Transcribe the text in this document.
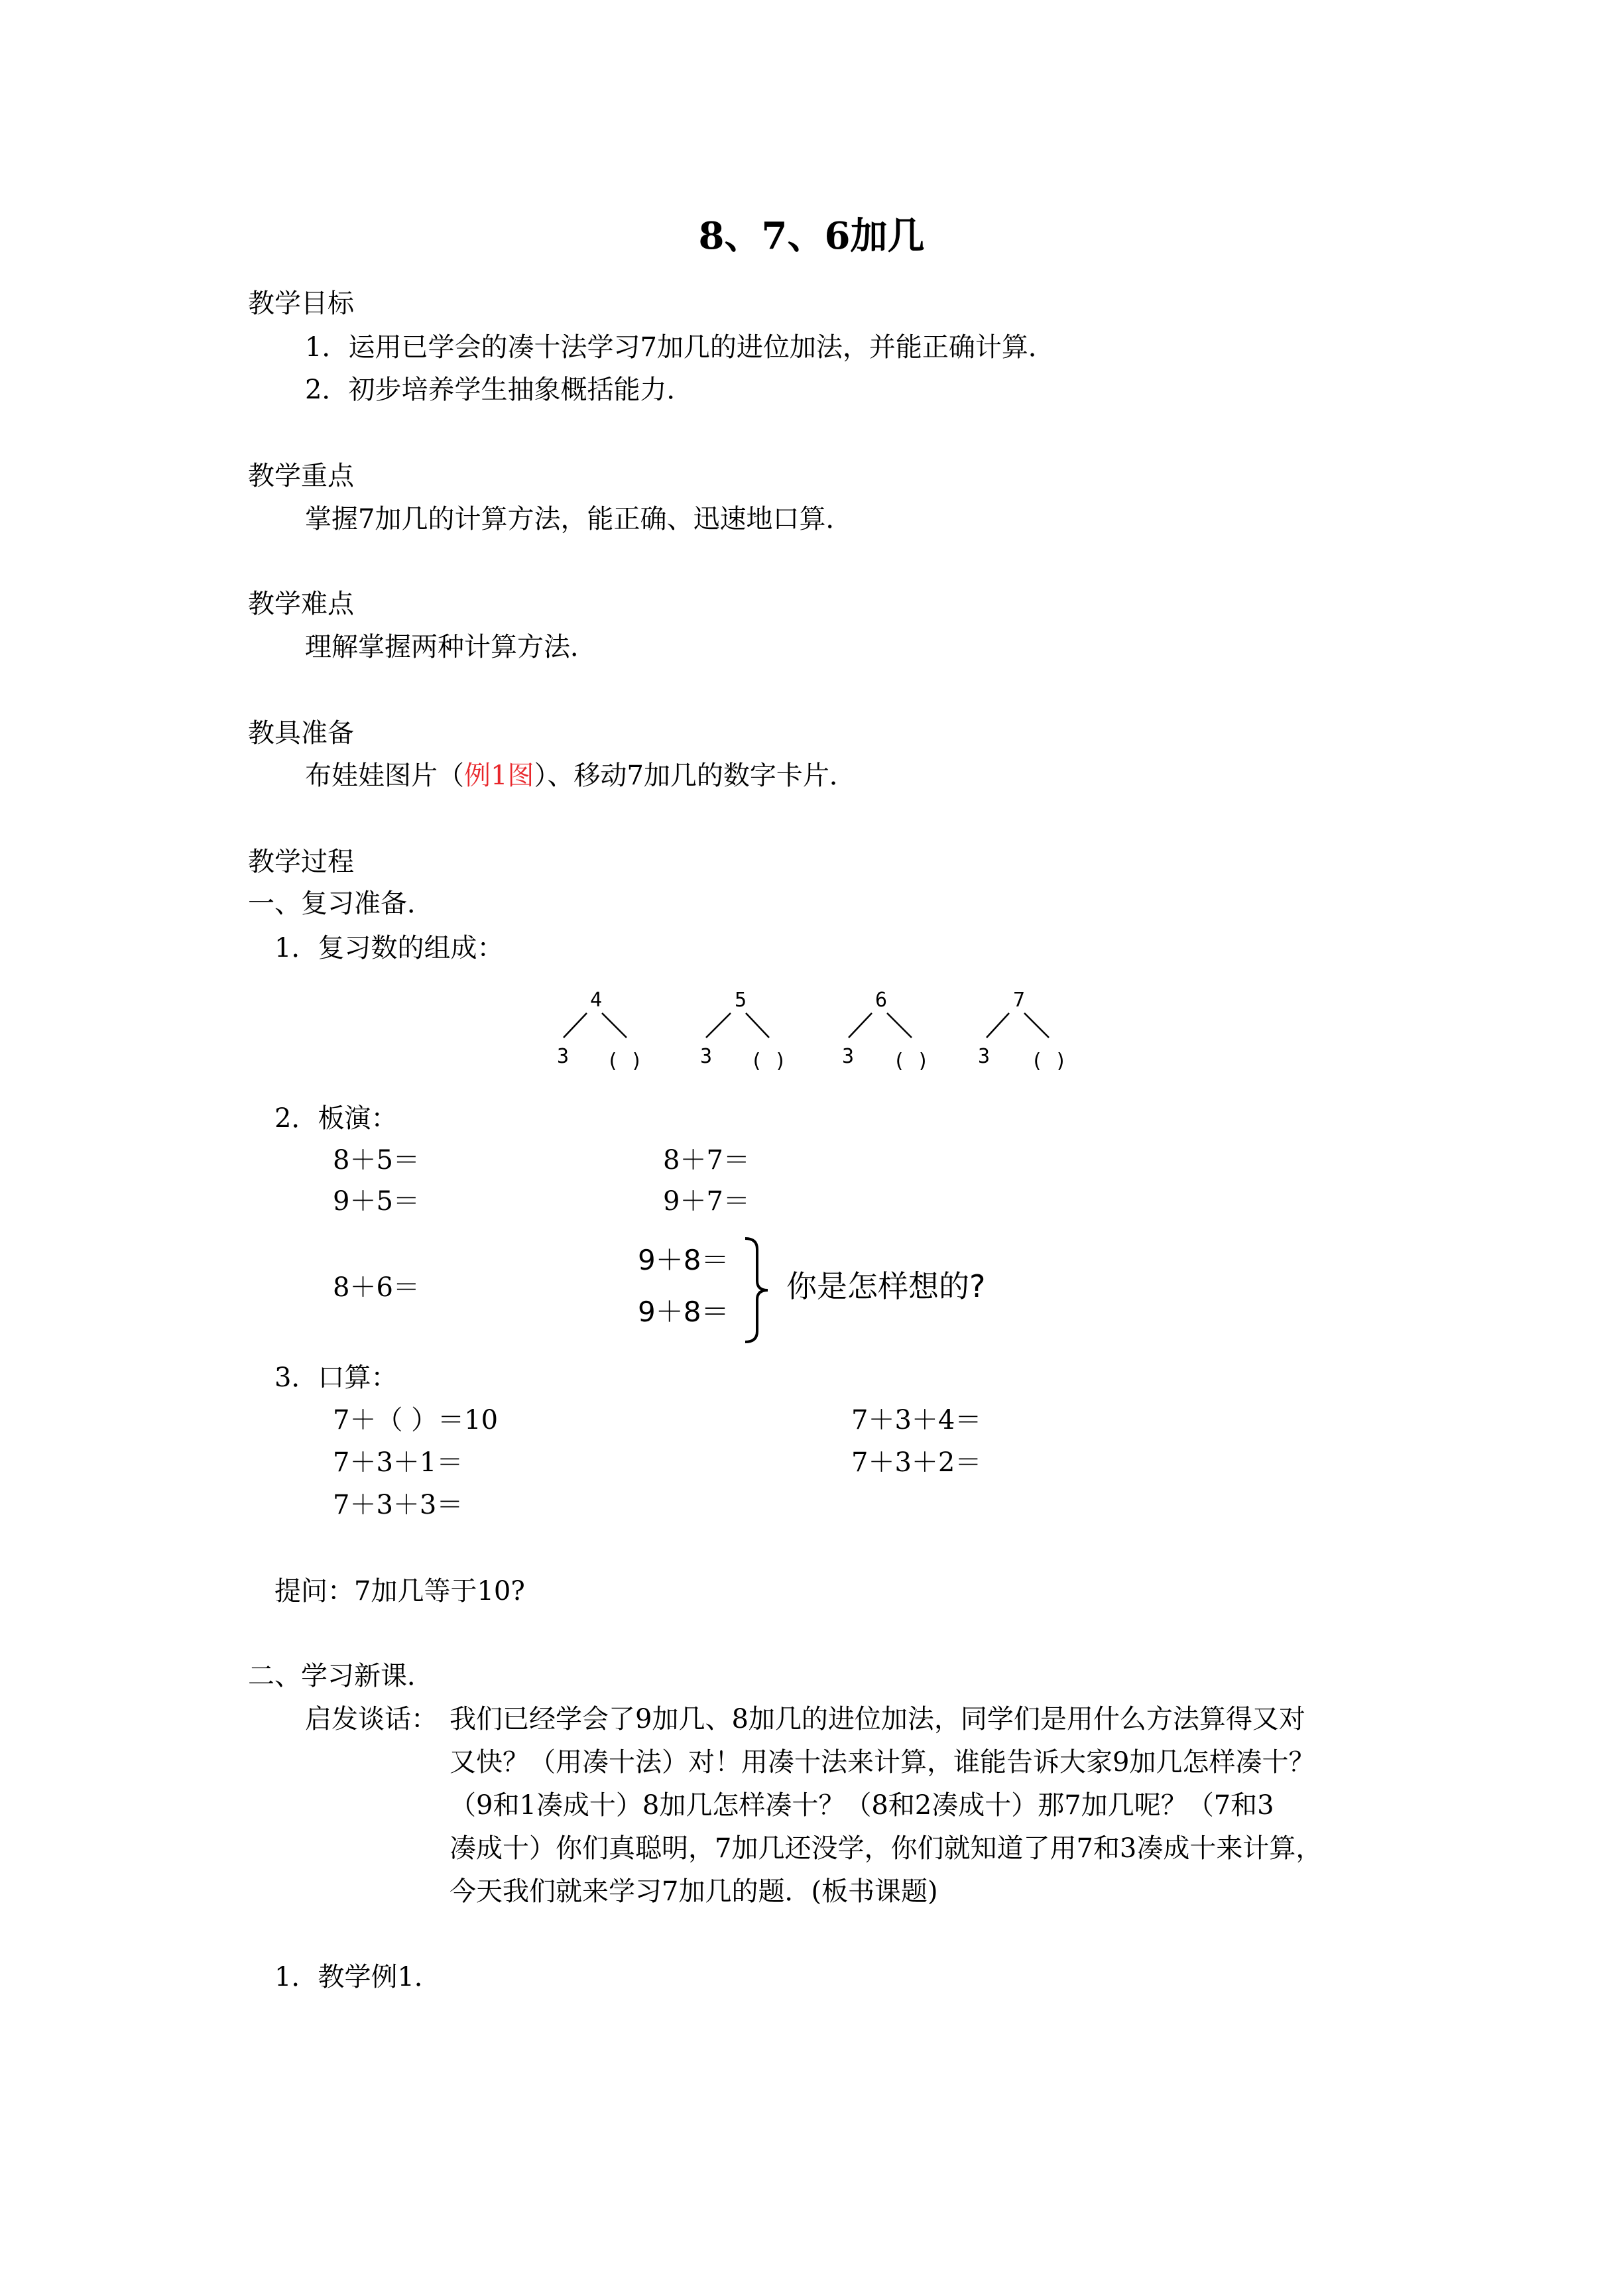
8、7、6加几
教学目标
1．运用已学会的凑十法学习7加几的进位加法，并能正确计算．
2．初步培养学生抽象概括能力．
教学重点
掌握7加几的计算方法，能正确、迅速地口算．
教学难点
理解掌握两种计算方法．
教具准备
布娃娃图片（例1图）、移动7加几的数字卡片．
教学过程
一、复习准备．
1．复习数的组成：
4
3 ( )
5
3 ( )
6
3 ( )
7
3 ( )
2．板演：
8＋5＝
9＋5＝
8＋6＝
8＋7＝
9＋7＝
9＋8＝
9＋8＝
你是怎样想的?
3．口算：
7＋（ ）＝10
7＋3＋1＝
7＋3＋3＝
7＋3＋4＝
7＋3＋2＝
提问：7加几等于10?
二、学习新课．
启发谈话： 我们已经学会了9加几、8加几的进位加法，同学们是用什么方法算得又对
又快？（用凑十法）对！用凑十法来计算，谁能告诉大家9加几怎样凑十？
（9和1凑成十）8加几怎样凑十？（8和2凑成十）那7加几呢？（7和3
凑成十）你们真聪明，7加几还没学，你们就知道了用7和3凑成十来计算，
今天我们就来学习7加几的题．(板书课题)
1．教学例1．
